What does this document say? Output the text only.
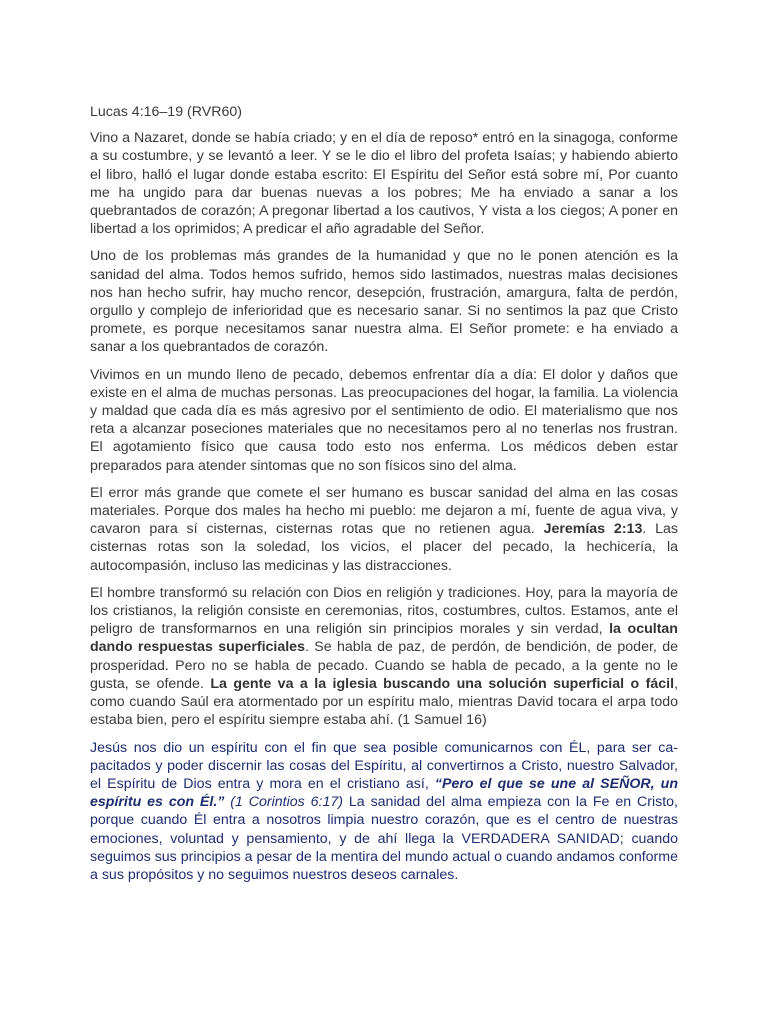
Lucas 4:16–19 (RVR60)

Vino a Nazaret, donde se había criado; y en el día de reposo* entró en la sinagoga, conforme a su costumbre, y se levantó a leer. Y se le dio el libro del profeta Isaías; y habiendo abierto el libro, halló el lugar donde estaba escrito: El Espíritu del Señor está sobre mí, Por cuanto me ha ungido para dar buenas nuevas a los pobres; Me ha enviado a sanar a los quebrantados de corazón; A pregonar libertad a los cautivos, Y vista a los ciegos; A poner en libertad a los oprimidos; A predicar el año agradable del Señor.

Uno de los problemas más grandes de la humanidad y que no le ponen atención es la sanidad del alma. Todos hemos sufrido, hemos sido lastimados, nuestras malas decisiones nos han hecho sufrir, hay mucho rencor, desepción, frustración, amargura, falta de perdón, orgullo y complejo de inferioridad que es necesario sanar. Si no sentimos la paz que Cristo promete, es porque necesitamos sanar nuestra alma. El Señor promete: e ha enviado a sanar a los quebrantados de corazón.

Vivimos en un mundo lleno de pecado, debemos enfrentar día a día: El dolor y daños que existe en el alma de muchas personas. Las preocupaciones del hogar, la familia. La violencia y maldad que cada día es más agresivo por el sentimiento de odio. El materialismo que nos reta a alcanzar poseciones materiales que no necesitamos pero al no tenerlas nos frustran. El agotamiento físico que causa todo esto nos enferma. Los médicos deben estar preparados para atender sintomas que no son físicos sino del alma.

El error más grande que comete el ser humano es buscar sanidad del alma en las cosas materiales. Porque dos males ha hecho mi pueblo: me dejaron a mí, fuente de agua viva, y cavaron para sí cisternas, cisternas rotas que no retienen agua. Jeremías 2:13. Las cisternas rotas son la soledad, los vicios, el placer del pecado, la hechicería, la autocompasión, incluso las medicinas y las distracciones.

El hombre transformó su relación con Dios en religión y tradiciones. Hoy, para la mayoría de los cristianos, la religión consiste en ceremonias, ritos, costumbres, cultos. Estamos, ante el peligro de transformarnos en una religión sin principios morales y sin verdad, la ocultan dando respuestas superficiales. Se habla de paz, de perdón, de bendición, de poder, de prosperidad. Pero no se habla de pecado. Cuando se habla de pecado, a la gente no le gusta, se ofende. La gente va a la iglesia buscando una solución superficial o fácil, como cuando Saúl era atormentado por un espíritu malo, mientras David tocara el arpa todo estaba bien, pero el espíritu siempre estaba ahí. (1 Samuel 16)

Jesús nos dio un espíritu con el fin que sea posible comunicarnos con ÉL, para ser capacitados y poder discernir las cosas del Espíritu, al convertirnos a Cristo, nuestro Salvador, el Espíritu de Dios entra y mora en el cristiano así, “Pero el que se une al SEÑOR, un espíritu es con Él.” (1 Corintios 6:17) La sanidad del alma empieza con la Fe en Cristo, porque cuando Él entra a nosotros limpia nuestro corazón, que es el centro de nuestras emociones, voluntad y pensamiento, y de ahí llega la VERDADERA SANIDAD; cuando seguimos sus principios a pesar de la mentira del mundo actual o cuando andamos conforme a sus propósitos y no seguimos nuestros deseos carnales.
